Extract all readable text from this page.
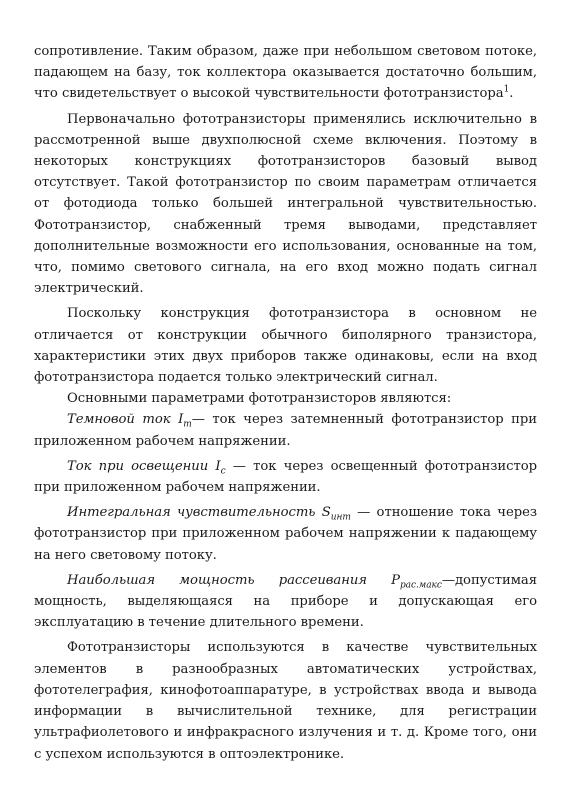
сопротивление. Таким образом, даже при небольшом световом потоке, падающем на базу, ток коллектора оказывается достаточно большим, что свидетельствует о высокой чувствительности фототранзистора$^1$.

Первоначально фототранзисторы применялись исключительно в рассмотренной выше двухполюсной схеме включения. Поэтому в некоторых конструкциях фототранзисторов базовый вывод отсутствует. Такой фототранзистор по своим параметрам отличается от фотодиода только большей интегральной чувствительностью. Фототранзистор, снабженный тремя выводами, представляет дополнительные возможности его использования, основанные на том, что, помимо светового сигнала, на его вход можно подать сигнал электрический.

Поскольку конструкция фототранзистора в основном не отличается от конструкции обычного биполярного транзистора, характеристики этих двух приборов также одинаковы, если на вход фототранзистора подается только электрический сигнал.

Основными параметрами фототранзисторов являются:

Темновой ток $I_т—$ ток через затемненный фототранзистор при приложенном рабочем напряжении.

Ток при освещении $I_c$ — ток через освещенный фототранзистор при приложенном рабочем напряжении.

Интегральная чувствительность $S_{инт}$ — отношение тока через фототранзистор при приложенном рабочем напряжении к падающему на него световому потоку.

Наибольшая мощность рассеивания $P_{рас.макс}—допустимая$ мощность, выделяющаяся на приборе и допускающая его эксплуатацию в течение длительного времени.

Фототранзисторы используются в качестве чувствительных элементов в разнообразных автоматических устройствах, фототелеграфия, кинофотоаппаратуре, в устройствах ввода и вывода информации в вычислительной технике, для регистрации ультрафиолетового и инфракрасного излучения и т. д. Кроме того, они с успехом используются в оптоэлектронике.
